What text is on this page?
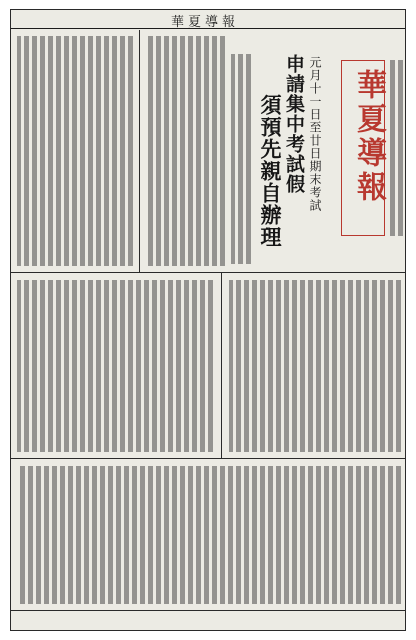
華夏導報
華夏導報
元月十一日至廿日期末考試
申請集中考試假
須預先親自辦理
